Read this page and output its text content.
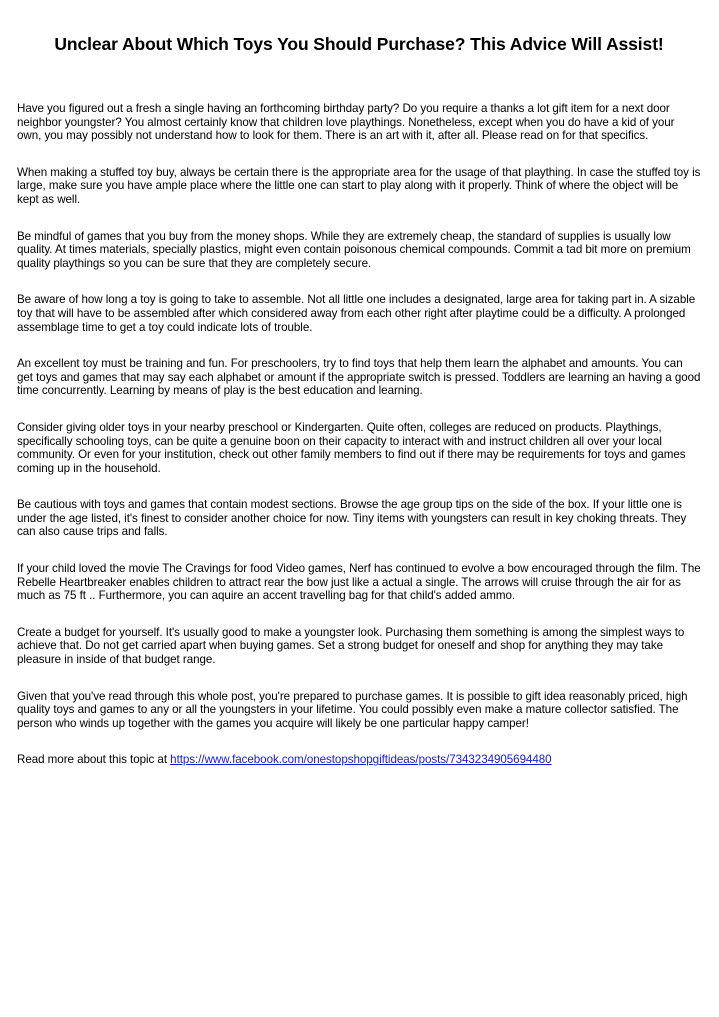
Unclear About Which Toys You Should Purchase? This Advice Will Assist!

Have you figured out a fresh a single having an forthcoming birthday party? Do you require a thanks a lot gift item for a next door neighbor youngster? You almost certainly know that children love playthings. Nonetheless, except when you do have a kid of your own, you may possibly not understand how to look for them. There is an art with it, after all. Please read on for that specifics.

When making a stuffed toy buy, always be certain there is the appropriate area for the usage of that plaything. In case the stuffed toy is large, make sure you have ample place where the little one can start to play along with it properly. Think of where the object will be kept as well.

Be mindful of games that you buy from the money shops. While they are extremely cheap, the standard of supplies is usually low quality. At times materials, specially plastics, might even contain poisonous chemical compounds. Commit a tad bit more on premium quality playthings so you can be sure that they are completely secure.

Be aware of how long a toy is going to take to assemble. Not all little one includes a designated, large area for taking part in. A sizable toy that will have to be assembled after which considered away from each other right after playtime could be a difficulty. A prolonged assemblage time to get a toy could indicate lots of trouble.

An excellent toy must be training and fun. For preschoolers, try to find toys that help them learn the alphabet and amounts. You can get toys and games that may say each alphabet or amount if the appropriate switch is pressed. Toddlers are learning an having a good time concurrently. Learning by means of play is the best education and learning.

Consider giving older toys in your nearby preschool or Kindergarten. Quite often, colleges are reduced on products. Playthings, specifically schooling toys, can be quite a genuine boon on their capacity to interact with and instruct children all over your local community. Or even for your institution, check out other family members to find out if there may be requirements for toys and games coming up in the household.

Be cautious with toys and games that contain modest sections. Browse the age group tips on the side of the box. If your little one is under the age listed, it's finest to consider another choice for now. Tiny items with youngsters can result in key choking threats. They can also cause trips and falls.

If your child loved the movie The Cravings for food Video games, Nerf has continued to evolve a bow encouraged through the film. The Rebelle Heartbreaker enables children to attract rear the bow just like a actual a single. The arrows will cruise through the air for as much as 75 ft .. Furthermore, you can aquire an accent travelling bag for that child's added ammo.

Create a budget for yourself. It's usually good to make a youngster look. Purchasing them something is among the simplest ways to achieve that. Do not get carried apart when buying games. Set a strong budget for oneself and shop for anything they may take pleasure in inside of that budget range.

Given that you've read through this whole post, you're prepared to purchase games. It is possible to gift idea reasonably priced, high quality toys and games to any or all the youngsters in your lifetime. You could possibly even make a mature collector satisfied. The person who winds up together with the games you acquire will likely be one particular happy camper!

Read more about this topic at https://www.facebook.com/onestopshopgiftideas/posts/7343234905694480
